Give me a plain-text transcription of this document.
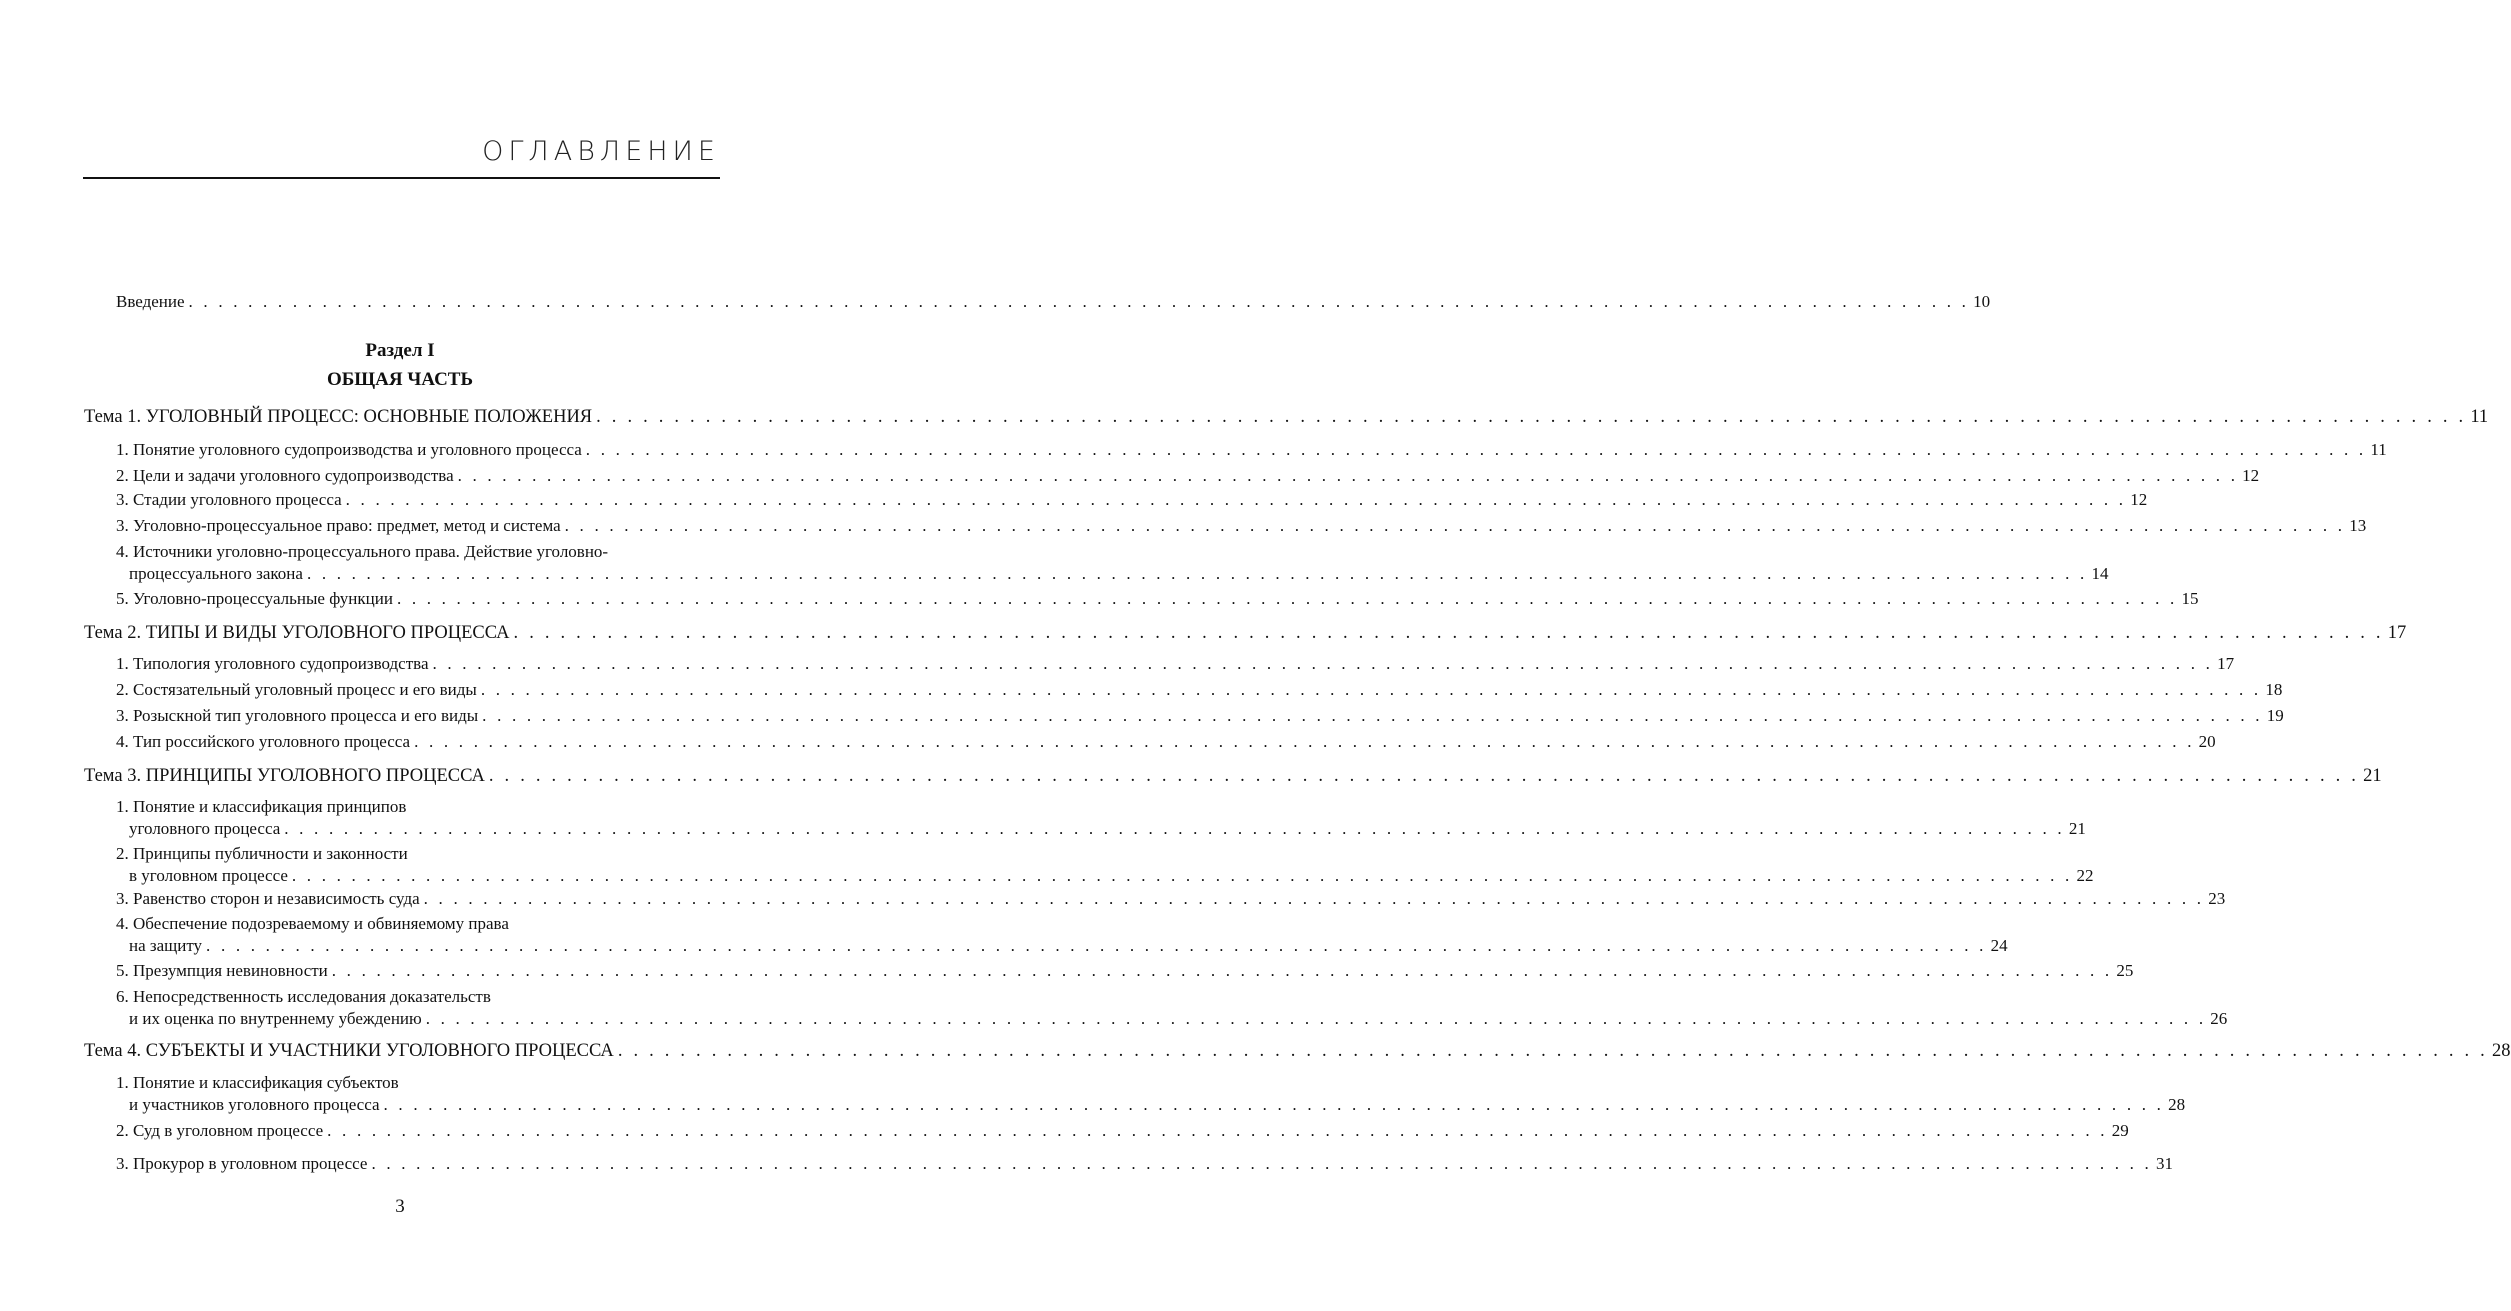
ОГЛАВЛЕНИЕ
Раздел I
ОБЩАЯ ЧАСТЬ
Введение . . . . . . . . . . . . . . . . . . . . . . . . . . . . . . . . . . . . . . . . . . . . . . . . . . . . . . . . . . . . . . . . . . . . . . . . . . . . . . . . . . . . . . . . . . . . . . . . . . . . . . . . . . . . . . . . . . . . . . . . 10
Тема 1. УГОЛОВНЫЙ ПРОЦЕСС: ОСНОВНЫЕ ПОЛОЖЕНИЯ . . . . . . . . . . . . . . . . . . . . . . . . . . . . . . . . . . . . . . . . . . . . . . . . . . . . . . . . . . . . . . . . . . . . . . . . . . . . . . . . . . . . . . . . . . . . . . . . . . . . . . . . . . . . . . . . . . . . . . . . 11
1. Понятие уголовного судопроизводства и уголовного процесса . . . . . . . . . . . . . . . . . . . . . . . . . . . . . . . . . . . . . . . . . . . . . . . . . . . . . . . . . . . . . . . . . . . . . . . . . . . . . . . . . . . . . . . . . . . . . . . . . . . . . . . . . . . . . . . . . . . . . . . . 11
2. Цели и задачи уголовного судопроизводства . . . . . . . . . . . . . . . . . . . . . . . . . . . . . . . . . . . . . . . . . . . . . . . . . . . . . . . . . . . . . . . . . . . . . . . . . . . . . . . . . . . . . . . . . . . . . . . . . . . . . . . . . . . . . . . . . . . . . . . . 12
3. Стадии уголовного процесса . . . . . . . . . . . . . . . . . . . . . . . . . . . . . . . . . . . . . . . . . . . . . . . . . . . . . . . . . . . . . . . . . . . . . . . . . . . . . . . . . . . . . . . . . . . . . . . . . . . . . . . . . . . . . . . . . . . . . . . . 12
3. Уголовно-процессуальное право: предмет, метод и система . . . . . . . . . . . . . . . . . . . . . . . . . . . . . . . . . . . . . . . . . . . . . . . . . . . . . . . . . . . . . . . . . . . . . . . . . . . . . . . . . . . . . . . . . . . . . . . . . . . . . . . . . . . . . . . . . . . . . . . . 13
4. Источники уголовно-процессуального права. Действие уголовно-
процессуального закона . . . . . . . . . . . . . . . . . . . . . . . . . . . . . . . . . . . . . . . . . . . . . . . . . . . . . . . . . . . . . . . . . . . . . . . . . . . . . . . . . . . . . . . . . . . . . . . . . . . . . . . . . . . . . . . . . . . . . . . . 14
5. Уголовно-процессуальные функции . . . . . . . . . . . . . . . . . . . . . . . . . . . . . . . . . . . . . . . . . . . . . . . . . . . . . . . . . . . . . . . . . . . . . . . . . . . . . . . . . . . . . . . . . . . . . . . . . . . . . . . . . . . . . . . . . . . . . . . . 15
Тема 2. ТИПЫ И ВИДЫ УГОЛОВНОГО ПРОЦЕССА . . . . . . . . . . . . . . . . . . . . . . . . . . . . . . . . . . . . . . . . . . . . . . . . . . . . . . . . . . . . . . . . . . . . . . . . . . . . . . . . . . . . . . . . . . . . . . . . . . . . . . . . . . . . . . . . . . . . . . . . 17
1. Типология уголовного судопроизводства . . . . . . . . . . . . . . . . . . . . . . . . . . . . . . . . . . . . . . . . . . . . . . . . . . . . . . . . . . . . . . . . . . . . . . . . . . . . . . . . . . . . . . . . . . . . . . . . . . . . . . . . . . . . . . . . . . . . . . . . 17
2. Состязательный уголовный процесс и его виды . . . . . . . . . . . . . . . . . . . . . . . . . . . . . . . . . . . . . . . . . . . . . . . . . . . . . . . . . . . . . . . . . . . . . . . . . . . . . . . . . . . . . . . . . . . . . . . . . . . . . . . . . . . . . . . . . . . . . . . . 18
3. Розыскной тип уголовного процесса и его виды . . . . . . . . . . . . . . . . . . . . . . . . . . . . . . . . . . . . . . . . . . . . . . . . . . . . . . . . . . . . . . . . . . . . . . . . . . . . . . . . . . . . . . . . . . . . . . . . . . . . . . . . . . . . . . . . . . . . . . . . 19
4. Тип российского уголовного процесса . . . . . . . . . . . . . . . . . . . . . . . . . . . . . . . . . . . . . . . . . . . . . . . . . . . . . . . . . . . . . . . . . . . . . . . . . . . . . . . . . . . . . . . . . . . . . . . . . . . . . . . . . . . . . . . . . . . . . . . . 20
Тема 3. ПРИНЦИПЫ УГОЛОВНОГО ПРОЦЕССА . . . . . . . . . . . . . . . . . . . . . . . . . . . . . . . . . . . . . . . . . . . . . . . . . . . . . . . . . . . . . . . . . . . . . . . . . . . . . . . . . . . . . . . . . . . . . . . . . . . . . . . . . . . . . . . . . . . . . . . . 21
1. Понятие и классификация принципов
уголовного процесса . . . . . . . . . . . . . . . . . . . . . . . . . . . . . . . . . . . . . . . . . . . . . . . . . . . . . . . . . . . . . . . . . . . . . . . . . . . . . . . . . . . . . . . . . . . . . . . . . . . . . . . . . . . . . . . . . . . . . . . . 21
2. Принципы публичности и законности
в уголовном процессе . . . . . . . . . . . . . . . . . . . . . . . . . . . . . . . . . . . . . . . . . . . . . . . . . . . . . . . . . . . . . . . . . . . . . . . . . . . . . . . . . . . . . . . . . . . . . . . . . . . . . . . . . . . . . . . . . . . . . . . . 22
3. Равенство сторон и независимость суда . . . . . . . . . . . . . . . . . . . . . . . . . . . . . . . . . . . . . . . . . . . . . . . . . . . . . . . . . . . . . . . . . . . . . . . . . . . . . . . . . . . . . . . . . . . . . . . . . . . . . . . . . . . . . . . . . . . . . . . . 23
4. Обеспечение подозреваемому и обвиняемому права
на защиту . . . . . . . . . . . . . . . . . . . . . . . . . . . . . . . . . . . . . . . . . . . . . . . . . . . . . . . . . . . . . . . . . . . . . . . . . . . . . . . . . . . . . . . . . . . . . . . . . . . . . . . . . . . . . . . . . . . . . . . . 24
5. Презумпция невиновности . . . . . . . . . . . . . . . . . . . . . . . . . . . . . . . . . . . . . . . . . . . . . . . . . . . . . . . . . . . . . . . . . . . . . . . . . . . . . . . . . . . . . . . . . . . . . . . . . . . . . . . . . . . . . . . . . . . . . . . . 25
6. Непосредственность исследования доказательств
и их оценка по внутреннему убеждению . . . . . . . . . . . . . . . . . . . . . . . . . . . . . . . . . . . . . . . . . . . . . . . . . . . . . . . . . . . . . . . . . . . . . . . . . . . . . . . . . . . . . . . . . . . . . . . . . . . . . . . . . . . . . . . . . . . . . . . . 26
Тема 4. СУБЪЕКТЫ И УЧАСТНИКИ УГОЛОВНОГО ПРОЦЕССА . . . . . . . . . . . . . . . . . . . . . . . . . . . . . . . . . . . . . . . . . . . . . . . . . . . . . . . . . . . . . . . . . . . . . . . . . . . . . . . . . . . . . . . . . . . . . . . . . . . . . . . . . . . . . . . . . . . . . . . . 28
1. Понятие и классификация субъектов
и участников уголовного процесса . . . . . . . . . . . . . . . . . . . . . . . . . . . . . . . . . . . . . . . . . . . . . . . . . . . . . . . . . . . . . . . . . . . . . . . . . . . . . . . . . . . . . . . . . . . . . . . . . . . . . . . . . . . . . . . . . . . . . . . . 28
2. Суд в уголовном процессе . . . . . . . . . . . . . . . . . . . . . . . . . . . . . . . . . . . . . . . . . . . . . . . . . . . . . . . . . . . . . . . . . . . . . . . . . . . . . . . . . . . . . . . . . . . . . . . . . . . . . . . . . . . . . . . . . . . . . . . . 29
3. Прокурор в уголовном процессе . . . . . . . . . . . . . . . . . . . . . . . . . . . . . . . . . . . . . . . . . . . . . . . . . . . . . . . . . . . . . . . . . . . . . . . . . . . . . . . . . . . . . . . . . . . . . . . . . . . . . . . . . . . . . . . . . . . . . . . . 31
3
